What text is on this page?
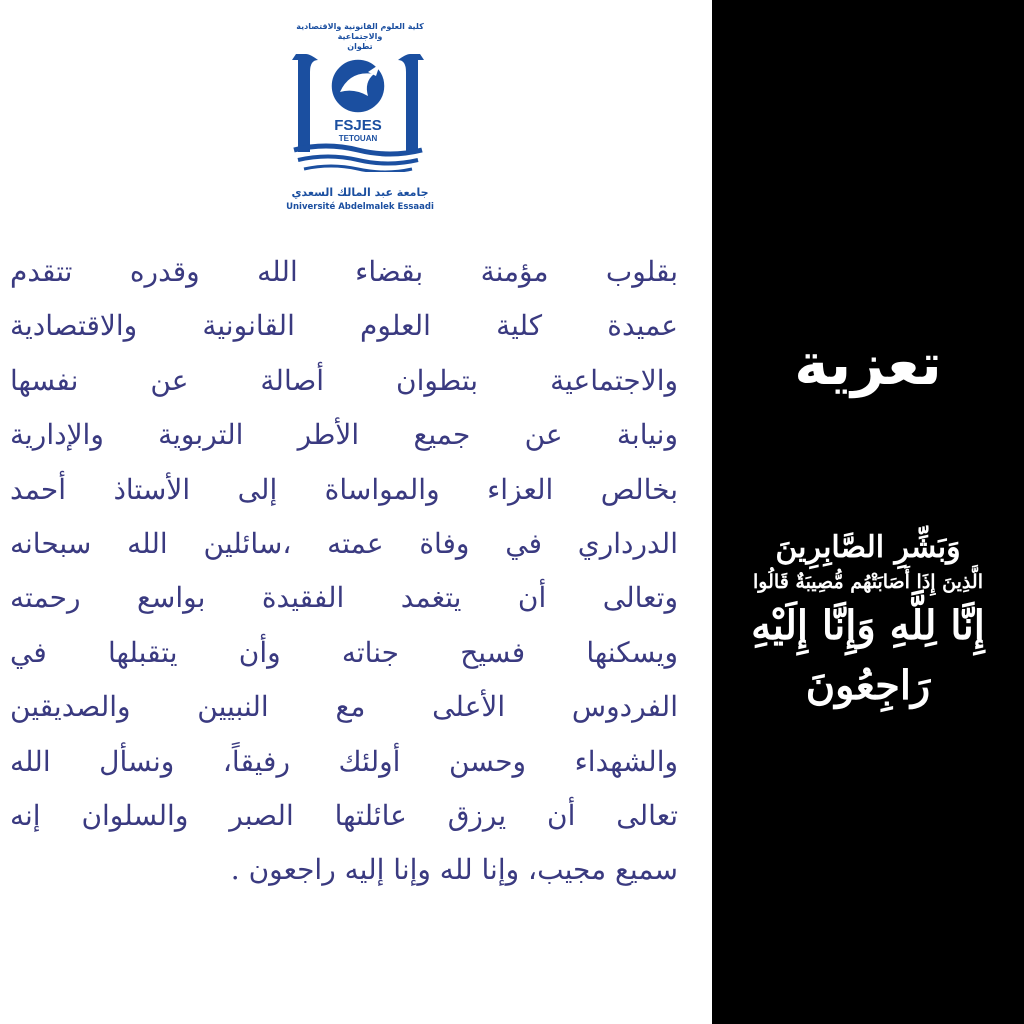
كلية العلوم القانونية والاقتصادية والاجتماعية
تطوان
FSJES
TETOUAN
جامعة عبد المالك السعدي
Université Abdelmalek Essaadi
بقلوب مؤمنة بقضاء الله وقدره تتقدم
عميدة كلية العلوم القانونية والاقتصادية
والاجتماعية بتطوان أصالة عن نفسها
ونيابة عن جميع الأطر التربوية والإدارية
بخالص العزاء والمواساة إلى الأستاذ أحمد
الدرداري في وفاة عمته ،سائلين الله سبحانه
وتعالى أن يتغمد الفقيدة بواسع رحمته
ويسكنها فسيح جناته وأن يتقبلها في
الفردوس الأعلى مع النبيين والصديقين
والشهداء وحسن أولئك رفيقاً، ونسأل الله
تعالى أن يرزق عائلتها الصبر والسلوان إنه
سميع مجيب، وإنا لله وإنا إليه راجعون .
تعزية
وَبَشِّرِ الصَّابِرِينَ
الَّذِينَ إِذَا أَصَابَتْهُم مُّصِيبَةٌ قَالُوا
إِنَّا لِلَّهِ وَإِنَّا إِلَيْهِ رَاجِعُونَ
